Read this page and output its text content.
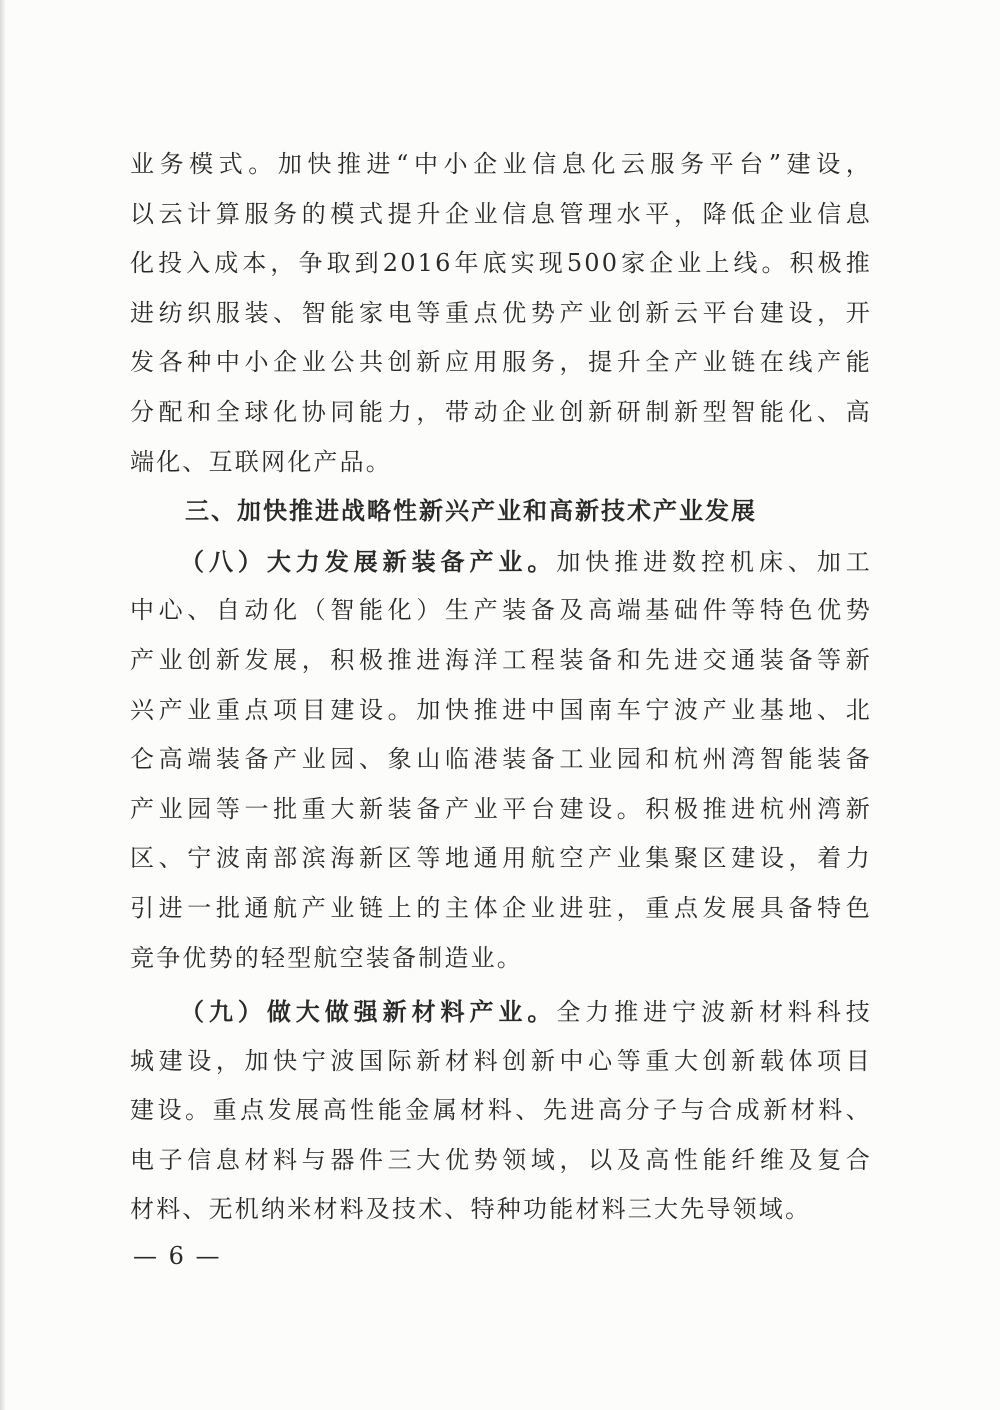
业务模式。加快推进“中小企业信息化云服务平台”建设，
以云计算服务的模式提升企业信息管理水平，降低企业信息
化投入成本，争取到2016年底实现500家企业上线。积极推
进纺织服装、智能家电等重点优势产业创新云平台建设，开
发各种中小企业公共创新应用服务，提升全产业链在线产能
分配和全球化协同能力，带动企业创新研制新型智能化、高
端化、互联网化产品。
三、加快推进战略性新兴产业和高新技术产业发展
（八）大力发展新装备产业。加快推进数控机床、加工
中心、自动化（智能化）生产装备及高端基础件等特色优势
产业创新发展，积极推进海洋工程装备和先进交通装备等新
兴产业重点项目建设。加快推进中国南车宁波产业基地、北
仑高端装备产业园、象山临港装备工业园和杭州湾智能装备
产业园等一批重大新装备产业平台建设。积极推进杭州湾新
区、宁波南部滨海新区等地通用航空产业集聚区建设，着力
引进一批通航产业链上的主体企业进驻，重点发展具备特色
竞争优势的轻型航空装备制造业。
（九）做大做强新材料产业。全力推进宁波新材料科技
城建设，加快宁波国际新材料创新中心等重大创新载体项目
建设。重点发展高性能金属材料、先进高分子与合成新材料、
电子信息材料与器件三大优势领域，以及高性能纤维及复合
材料、无机纳米材料及技术、特种功能材料三大先导领域。
— 6 —
